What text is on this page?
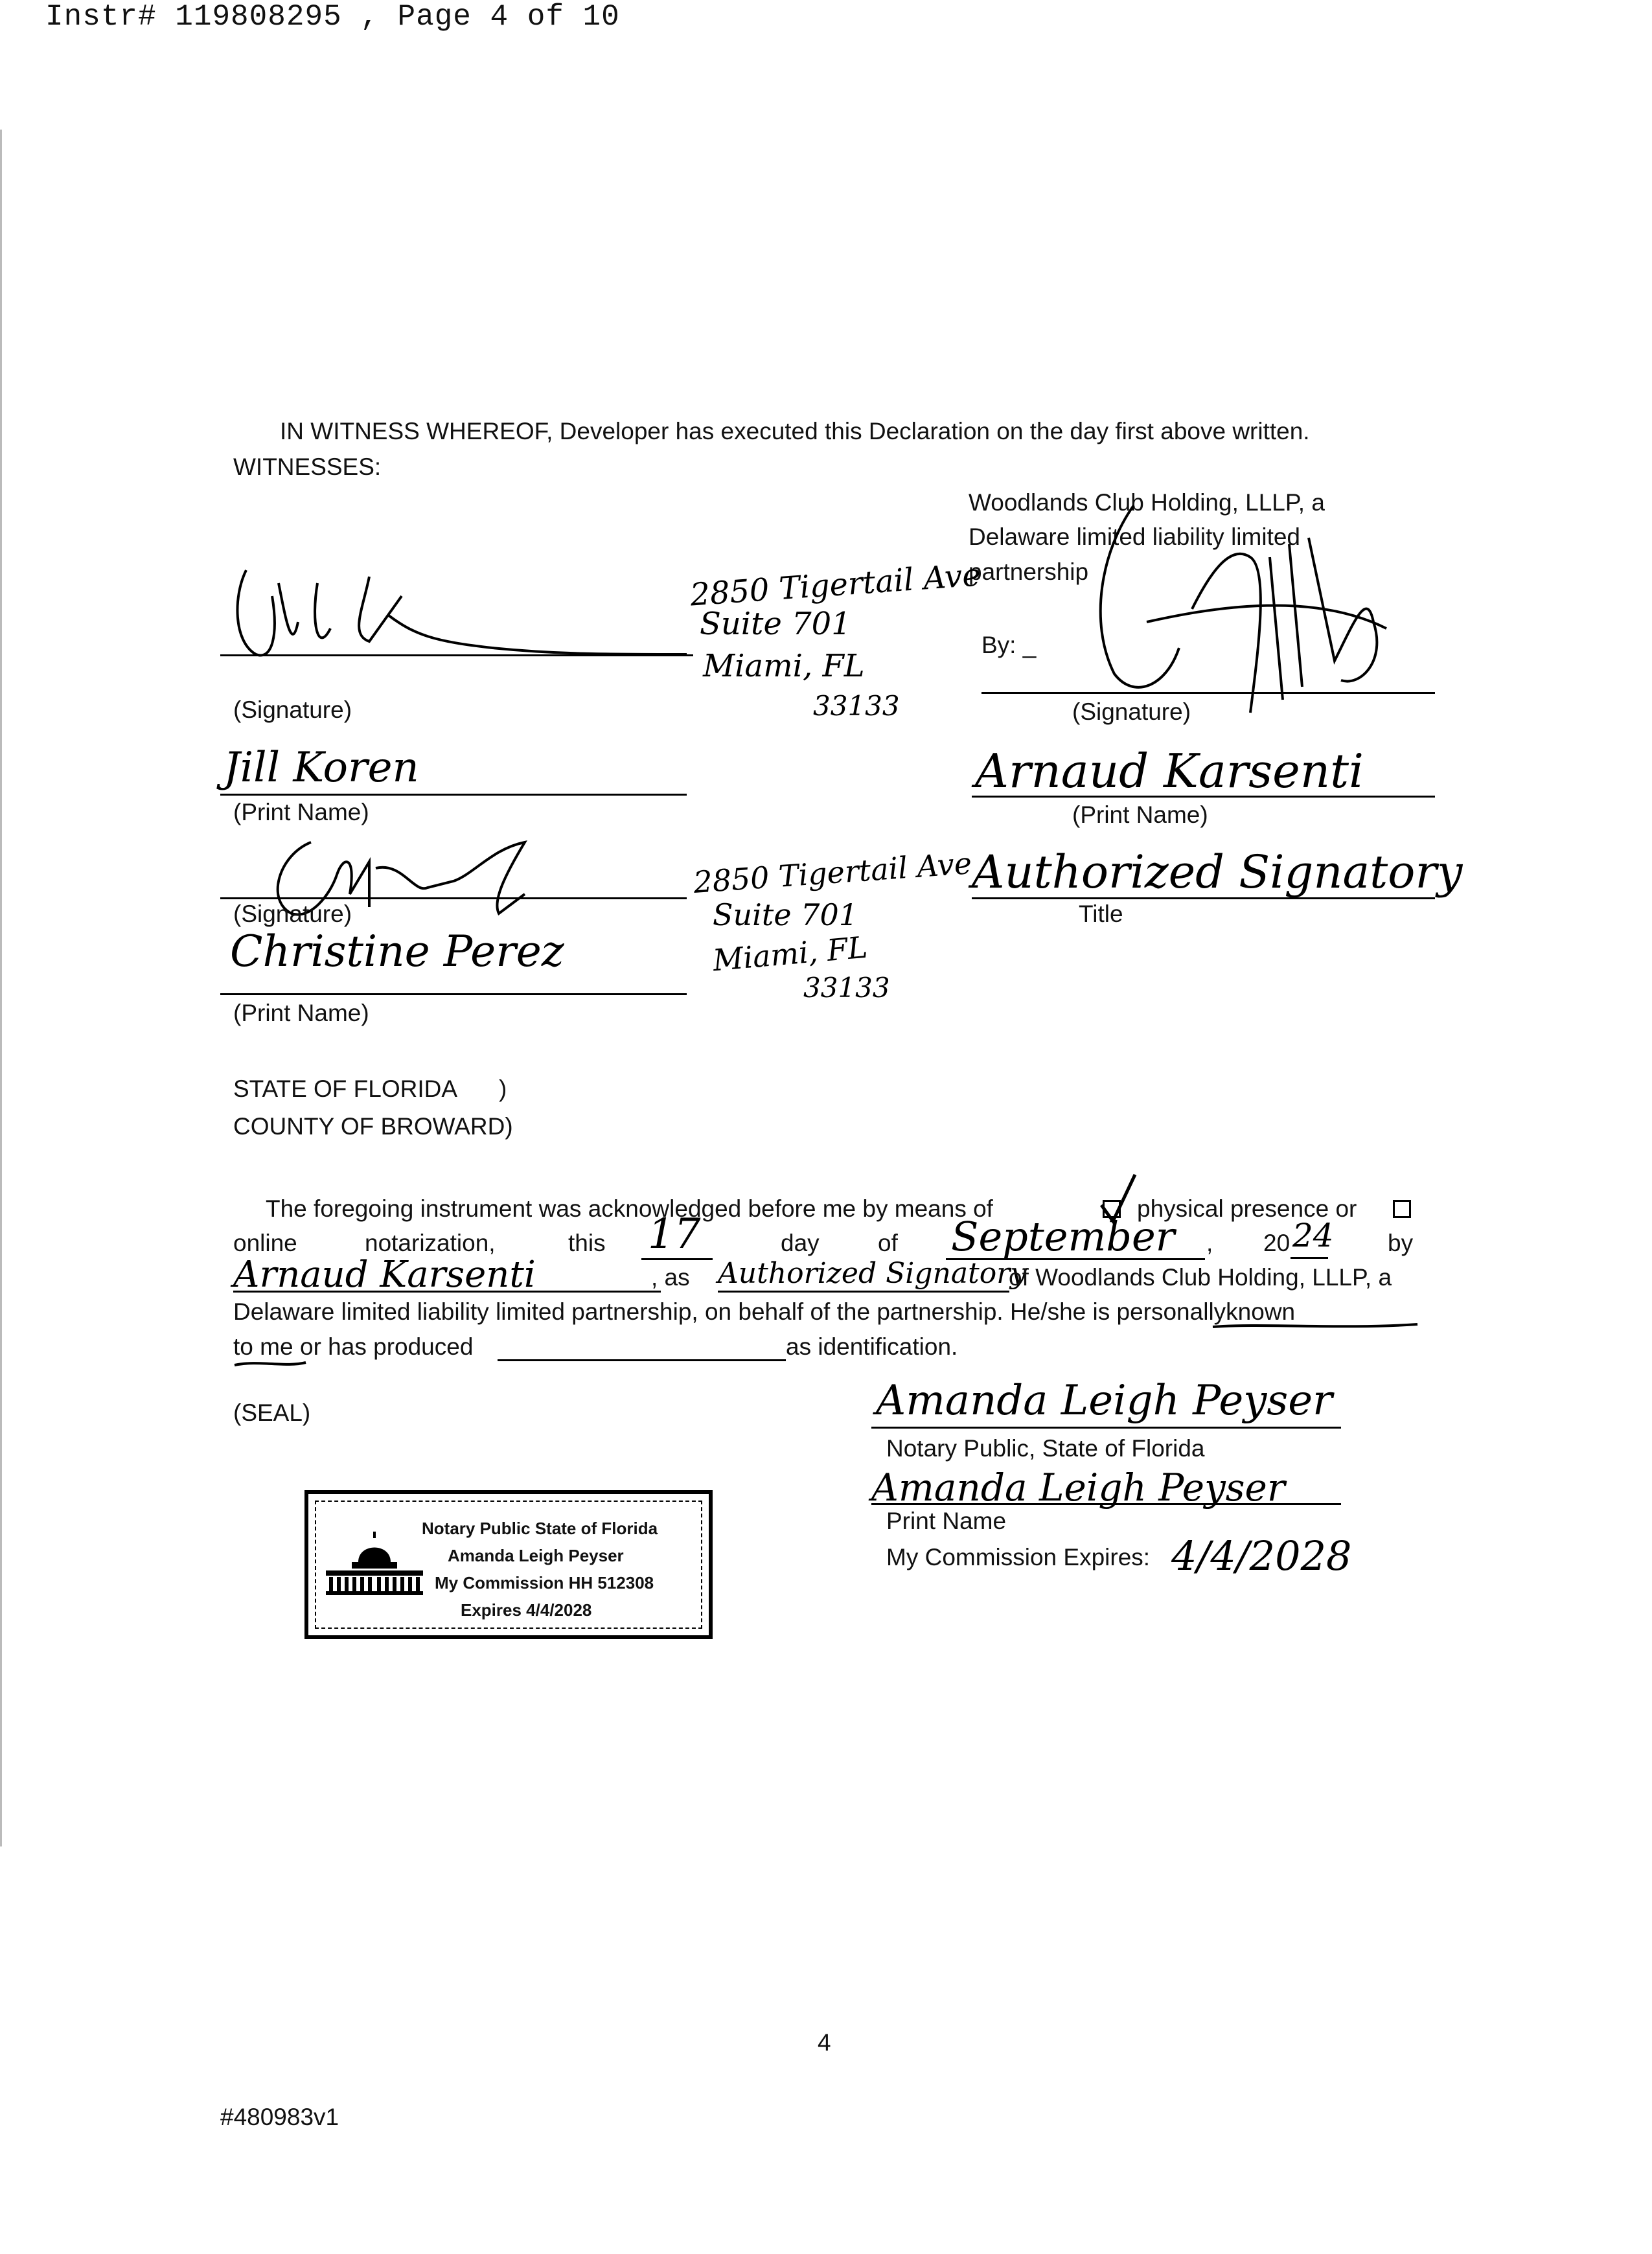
Instr# 119808295 , Page 4 of 10
IN WITNESS WHEREOF, Developer has executed this Declaration on the day first above written.
WITNESSES:
Woodlands Club Holding, LLLP, a
Delaware limited liability limited
partnership
By: _
(Signature)
2850 Tigertail Ave
Suite 701
Miami, FL
33133	(Signature)
Jill Koren
(Print Name)
Arnaud Karsenti
(Print Name)
(Signature)
2850 Tigertail Ave
Suite 701
Miami, FL
33133
Authorized Signatory
Title
Christine Perez
(Print Name)
STATE OF FLORIDA )
COUNTY OF BROWARD)
The foregoing instrument was acknowledged before me by means of	physical presence or
online	notarization,	this 17	day of September , 20 24 by
Arnaud Karsenti	, as Authorized Signatory
of Woodlands Club Holding, LLLP, a
Delaware limited liability limited partnership, on behalf of the partnership. He/she is personallyknown
to me or has produced	as identification.
(SEAL)	Amanda Leigh Peyser
Notary Public, State of Florida
Amanda Leigh Peyser
Print Name
My Commission Expires: 4/4/2028
Notary Public State of Florida
Amanda Leigh Peyser
My Commission HH 512308
Expires 4/4/2028
4
#480983v1
